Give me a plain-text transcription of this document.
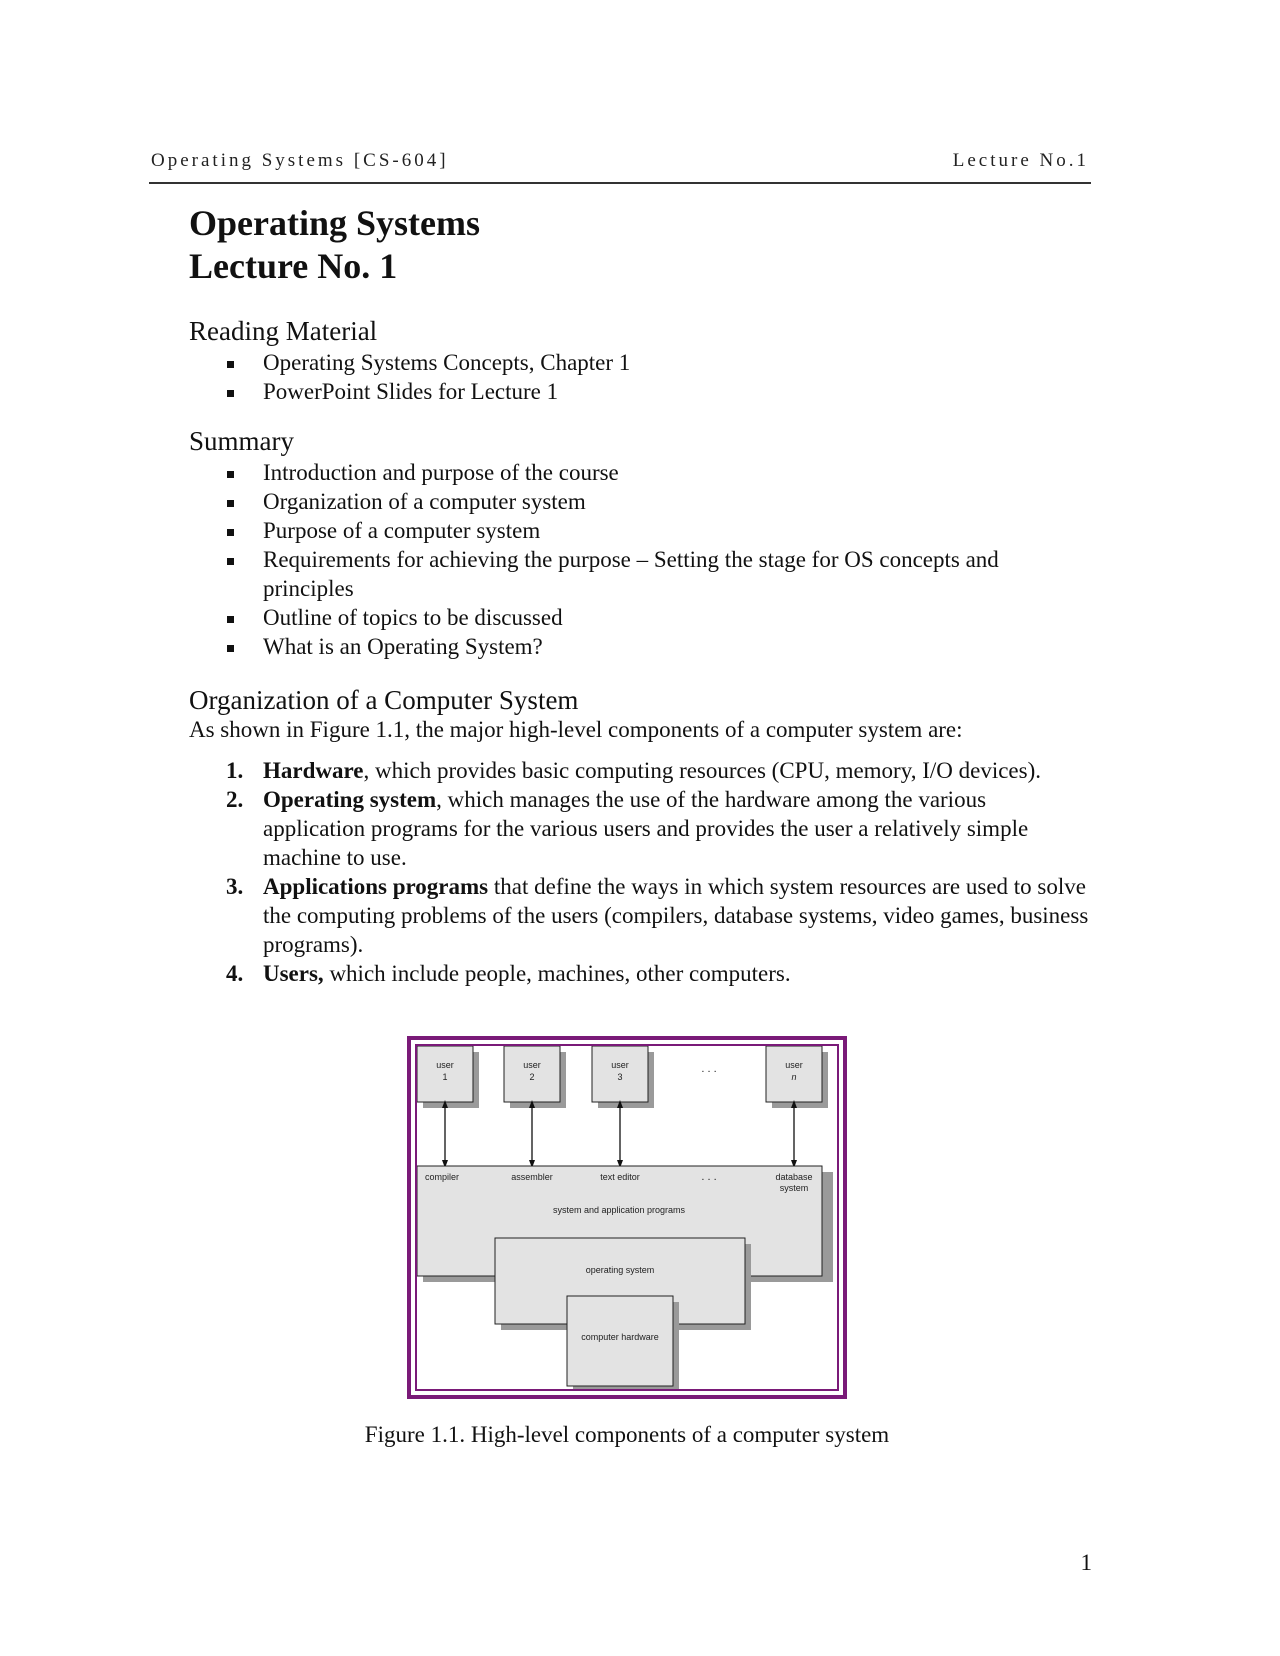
Operating Systems [CS-604]	Lecture No.1
Operating Systems
Lecture No. 1
Reading Material
Operating Systems Concepts, Chapter 1
PowerPoint Slides for Lecture 1
Summary
Introduction and purpose of the course
Organization of a computer system
Purpose of a computer system
Requirements for achieving the purpose – Setting the stage for OS concepts and principles
Outline of topics to be discussed
What is an Operating System?
Organization of a Computer System

As shown in Figure 1.1, the major high-level components of a computer system are:

1. Hardware, which provides basic computing resources (CPU, memory, I/O devices).
2. Operating system, which manages the use of the hardware among the various application programs for the various users and provides the user a relatively simple machine to use.
3. Applications programs that define the ways in which system resources are used to solve the computing problems of the users (compilers, database systems, video games, business programs).
4. Users, which include people, machines, other computers.
user
1
user
2
user
3
. . .	user
n
compiler	assembler	text editor	. . .	database
system
system and application programs
operating system
computer hardware

Figure 1.1. High-level components of a computer system

1
